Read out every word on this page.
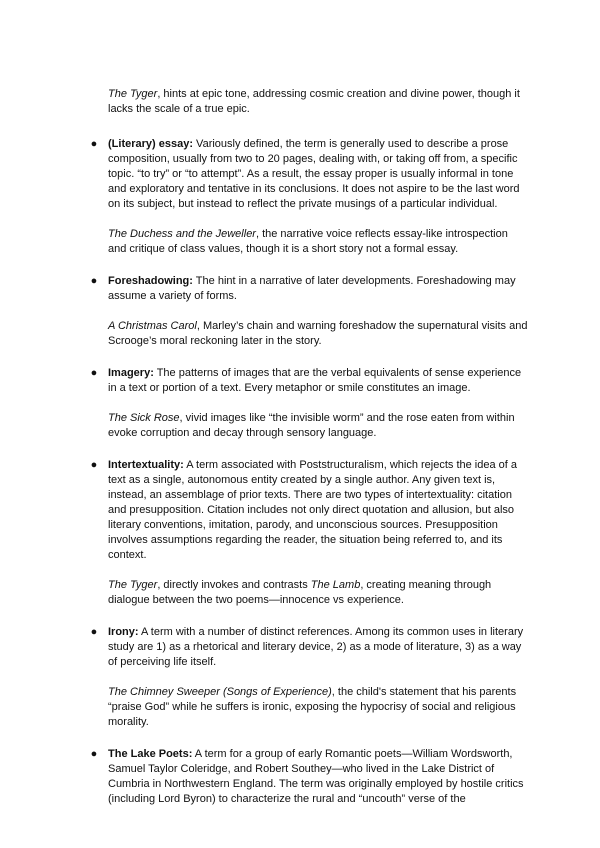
The Tyger, hints at epic tone, addressing cosmic creation and divine power, though it lacks the scale of a true epic.

● (Literary) essay: Variously defined, the term is generally used to describe a prose composition, usually from two to 20 pages, dealing with, or taking off from, a specific topic. “to try” or “to attempt”. As a result, the essay proper is usually informal in tone and exploratory and tentative in its conclusions. It does not aspire to be the last word on its subject, but instead to reflect the private musings of a particular individual.

The Duchess and the Jeweller, the narrative voice reflects essay-like introspection and critique of class values, though it is a short story not a formal essay.

● Foreshadowing: The hint in a narrative of later developments. Foreshadowing may assume a variety of forms.

A Christmas Carol, Marley’s chain and warning foreshadow the supernatural visits and Scrooge’s moral reckoning later in the story.

● Imagery: The patterns of images that are the verbal equivalents of sense experience in a text or portion of a text. Every metaphor or smile constitutes an image.

The Sick Rose, vivid images like “the invisible worm” and the rose eaten from within evoke corruption and decay through sensory language.

● Intertextuality: A term associated with Poststructuralism, which rejects the idea of a text as a single, autonomous entity created by a single author. Any given text is, instead, an assemblage of prior texts. There are two types of intertextuality: citation and presupposition. Citation includes not only direct quotation and allusion, but also literary conventions, imitation, parody, and unconscious sources. Presupposition involves assumptions regarding the reader, the situation being referred to, and its context.

The Tyger, directly invokes and contrasts The Lamb, creating meaning through dialogue between the two poems—innocence vs experience.

● Irony: A term with a number of distinct references. Among its common uses in literary study are 1) as a rhetorical and literary device, 2) as a mode of literature, 3) as a way of perceiving life itself.

The Chimney Sweeper (Songs of Experience), the child's statement that his parents “praise God” while he suffers is ironic, exposing the hypocrisy of social and religious morality.

● The Lake Poets: A term for a group of early Romantic poets—William Wordsworth, Samuel Taylor Coleridge, and Robert Southey—who lived in the Lake District of Cumbria in Northwestern England. The term was originally employed by hostile critics (including Lord Byron) to characterize the rural and “uncouth” verse of the
